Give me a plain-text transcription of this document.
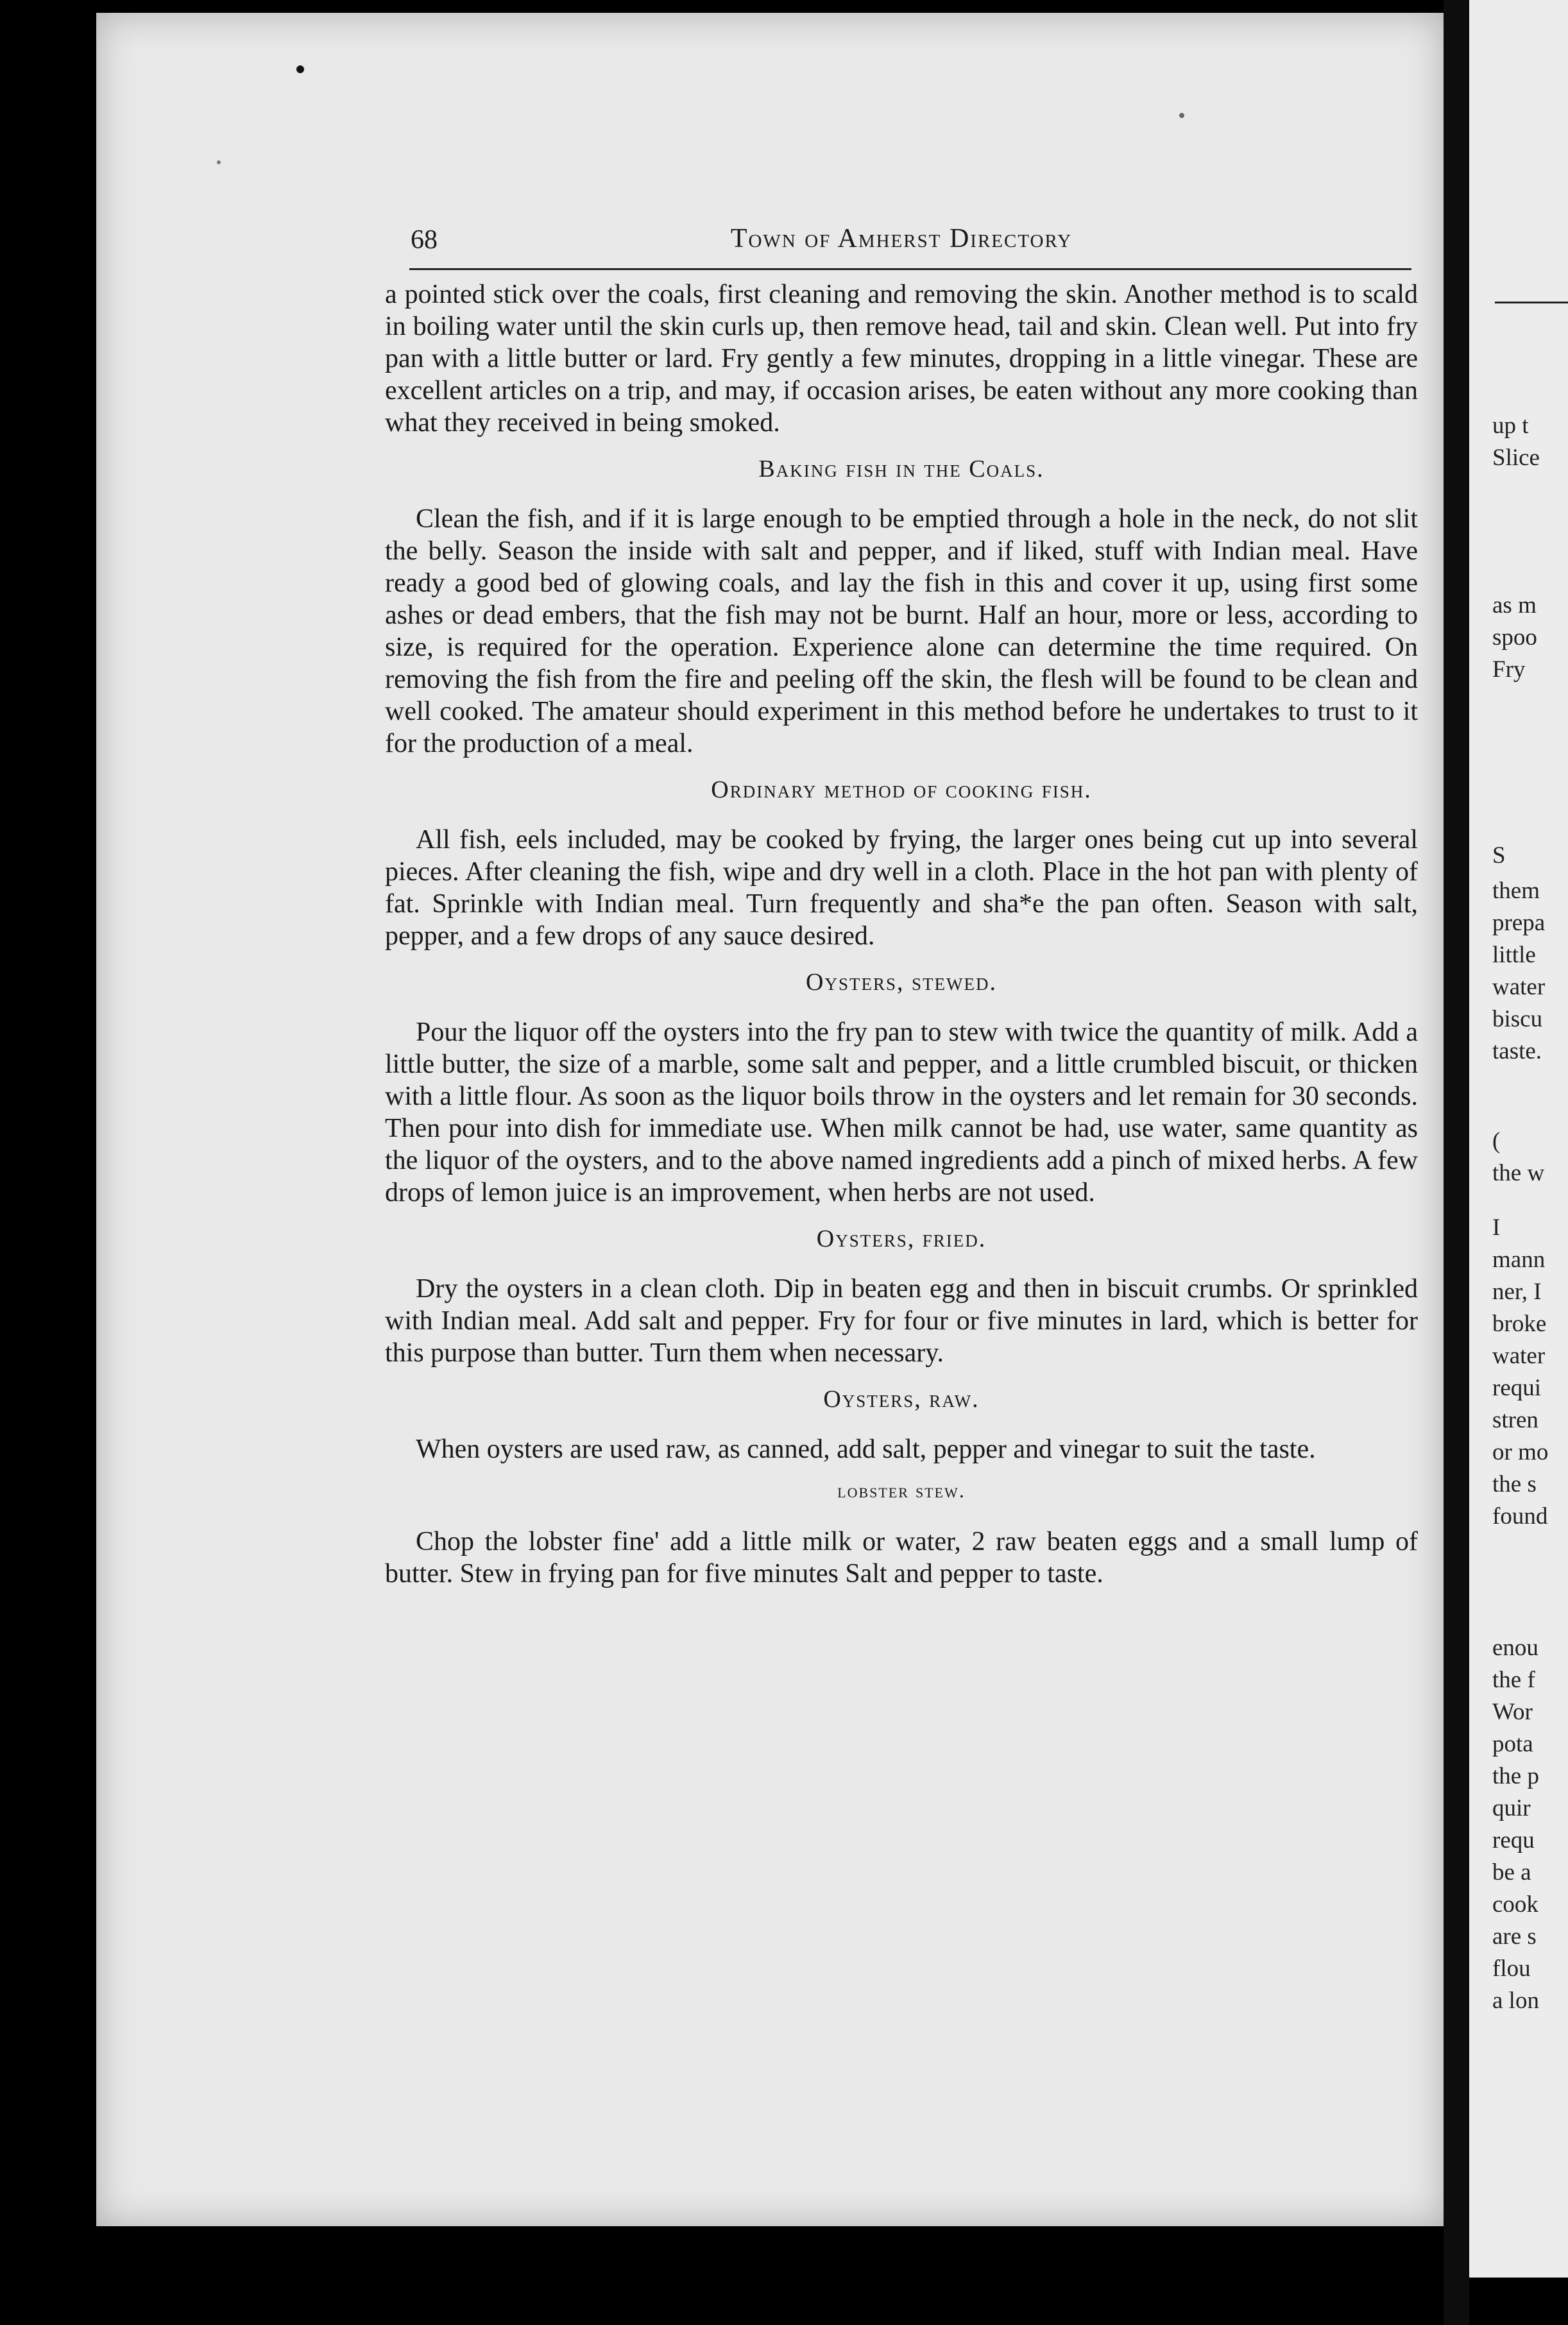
up t
Slice
as m
spoo
Fry
S
them
prepa
little
water
biscu
taste.
(
the w
I
mann
ner, I
broke
water
requi
stren
or mo
the s
found
enou
the f
Wor
pota
the p
quir
requ
be a
cook
are s
flou
a lon
68	Town of Amherst Directory

a pointed stick over the coals, first cleaning and removing the skin. Another method is to scald in boiling water until the skin curls up, then remove head, tail and skin. Clean well. Put into fry pan with a little butter or lard. Fry gently a few minutes, dropping in a little vinegar. These are excellent articles on a trip, and may, if occasion arises, be eaten without any more cooking than what they received in being smoked.

Baking fish in the Coals.

Clean the fish, and if it is large enough to be emptied through a hole in the neck, do not slit the belly. Season the inside with salt and pepper, and if liked, stuff with Indian meal. Have ready a good bed of glowing coals, and lay the fish in this and cover it up, using first some ashes or dead embers, that the fish may not be burnt. Half an hour, more or less, according to size, is required for the operation. Experience alone can determine the time required. On removing the fish from the fire and peeling off the skin, the flesh will be found to be clean and well cooked. The amateur should experiment in this method before he undertakes to trust to it for the production of a meal.

Ordinary method of cooking fish.

All fish, eels included, may be cooked by frying, the larger ones being cut up into several pieces. After cleaning the fish, wipe and dry well in a cloth. Place in the hot pan with plenty of fat. Sprinkle with Indian meal. Turn frequently and sha*e the pan often. Season with salt, pepper, and a few drops of any sauce desired.

Oysters, stewed.

Pour the liquor off the oysters into the fry pan to stew with twice the quantity of milk. Add a little butter, the size of a marble, some salt and pepper, and a little crumbled biscuit, or thicken with a little flour. As soon as the liquor boils throw in the oysters and let remain for 30 seconds. Then pour into dish for immediate use. When milk cannot be had, use water, same quantity as the liquor of the oysters, and to the above named ingredients add a pinch of mixed herbs. A few drops of lemon juice is an improvement, when herbs are not used.

Oysters, fried.

Dry the oysters in a clean cloth. Dip in beaten egg and then in biscuit crumbs. Or sprinkled with Indian meal. Add salt and pepper. Fry for four or five minutes in lard, which is better for this purpose than butter. Turn them when necessary.

Oysters, raw.

When oysters are used raw, as canned, add salt, pepper and vinegar to suit the taste.

lobster stew.

Chop the lobster fine' add a little milk or water, 2 raw beaten eggs and a small lump of butter. Stew in frying pan for five minutes Salt and pepper to taste.
